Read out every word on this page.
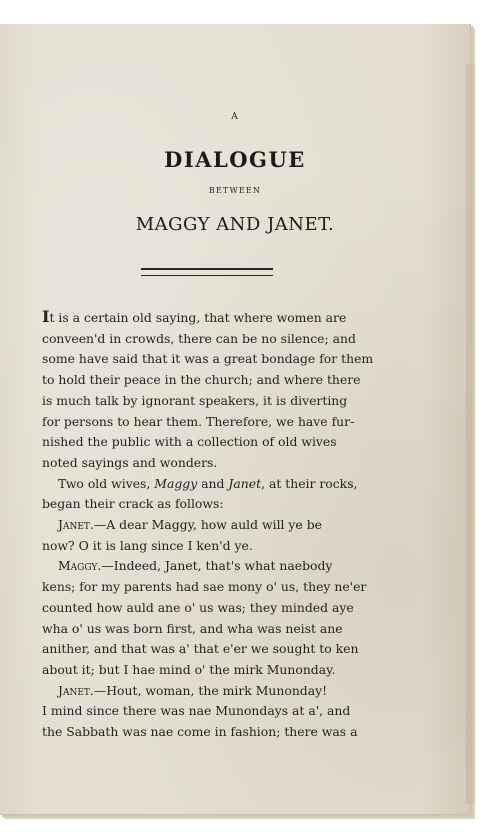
A
DIALOGUE
BETWEEN
MAGGY AND JANET.
It is a certain old saying, that where women are
conveen'd in crowds, there can be no silence; and
some have said that it was a great bondage for them
to hold their peace in the church; and where there
is much talk by ignorant speakers, it is diverting
for persons to hear them. Therefore, we have fur-
nished the public with a collection of old wives
noted sayings and wonders.
Two old wives, Maggy and Janet, at their rocks,
began their crack as follows:
Janet.—A dear Maggy, how auld will ye be
now? O it is lang since I ken'd ye.
Maggy.—Indeed, Janet, that's what naebody
kens; for my parents had sae mony o' us, they ne'er
counted how auld ane o' us was; they minded aye
wha o' us was born first, and wha was neist ane
anither, and that was a' that e'er we sought to ken
about it; but I hae mind o' the mirk Munonday.
Janet.—Hout, woman, the mirk Munonday!
I mind since there was nae Munondays at a', and
the Sabbath was nae come in fashion; there was a
